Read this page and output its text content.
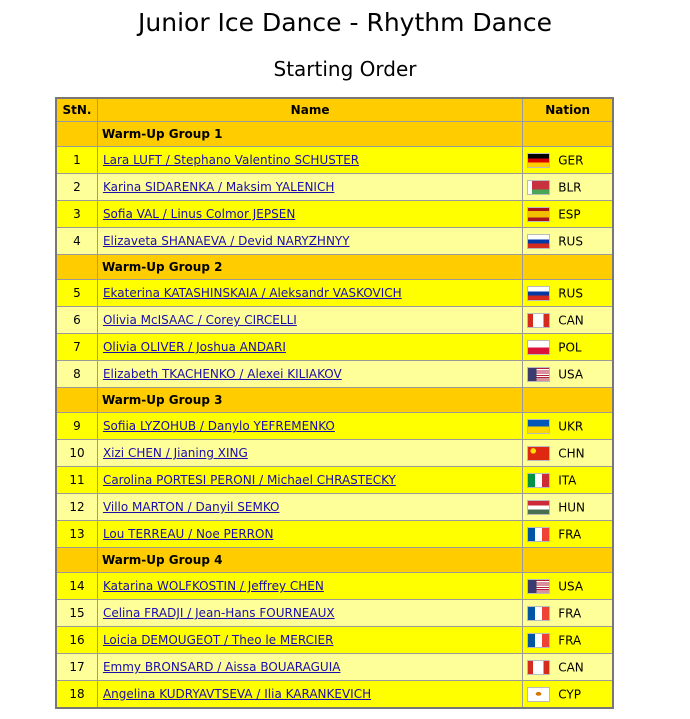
Junior Ice Dance - Rhythm Dance
Starting Order
StN.	Name	Nation
	Warm-Up Group 1	
1	Lara LUFT / Stephano Valentino SCHUSTER	GER
2	Karina SIDARENKA / Maksim YALENICH	BLR
3	Sofia VAL / Linus Colmor JEPSEN	ESP
4	Elizaveta SHANAEVA / Devid NARYZHNYY	RUS
	Warm-Up Group 2	
5	Ekaterina KATASHINSKAIA / Aleksandr VASKOVICH	RUS
6	Olivia McISAAC / Corey CIRCELLI	CAN
7	Olivia OLIVER / Joshua ANDARI	POL
8	Elizabeth TKACHENKO / Alexei KILIAKOV	USA
	Warm-Up Group 3	
9	Sofiia LYZOHUB / Danylo YEFREMENKO	UKR
10	Xizi CHEN / Jianing XING	CHN
11	Carolina PORTESI PERONI / Michael CHRASTECKY	ITA
12	Villo MARTON / Danyil SEMKO	HUN
13	Lou TERREAU / Noe PERRON	FRA
	Warm-Up Group 4	
14	Katarina WOLFKOSTIN / Jeffrey CHEN	USA
15	Celina FRADJI / Jean-Hans FOURNEAUX	FRA
16	Loicia DEMOUGEOT / Theo le MERCIER	FRA
17	Emmy BRONSARD / Aissa BOUARAGUIA	CAN
18	Angelina KUDRYAVTSEVA / Ilia KARANKEVICH	CYP
